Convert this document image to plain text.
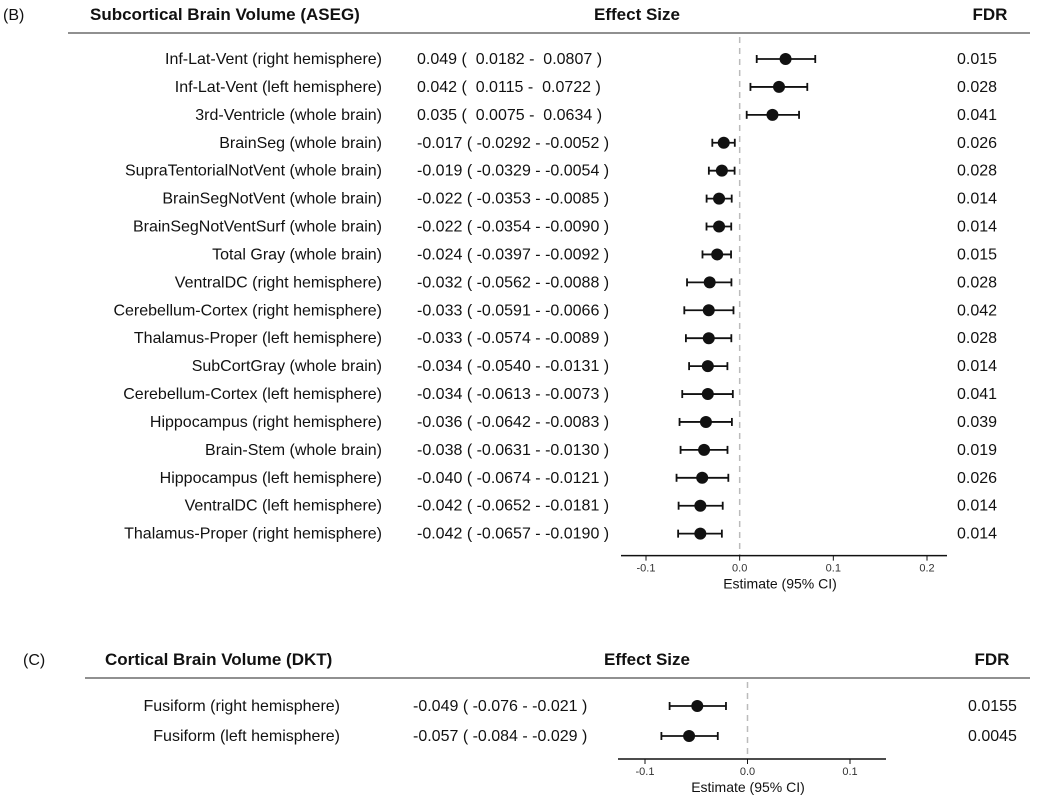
(B)	Subcortical Brain Volume (ASEG)	Effect Size	FDR
Inf-Lat-Vent (right hemisphere) 0.049 (  0.0182 -  0.0807 )	0.015
Inf-Lat-Vent (left hemisphere) 0.042 (  0.0115 -  0.0722 )	0.028
3rd-Ventricle (whole brain) 0.035 (  0.0075 -  0.0634 )	0.041
BrainSeg (whole brain) -0.017 ( -0.0292 - -0.0052 )	0.026
SupraTentorialNotVent (whole brain) -0.019 ( -0.0329 - -0.0054 )	0.028
BrainSegNotVent (whole brain) -0.022 ( -0.0353 - -0.0085 )	0.014
BrainSegNotVentSurf (whole brain) -0.022 ( -0.0354 - -0.0090 )	0.014
Total Gray (whole brain) -0.024 ( -0.0397 - -0.0092 )	0.015
VentralDC (right hemisphere) -0.032 ( -0.0562 - -0.0088 )	0.028
Cerebellum-Cortex (right hemisphere) -0.033 ( -0.0591 - -0.0066 )	0.042
Thalamus-Proper (left hemisphere) -0.033 ( -0.0574 - -0.0089 )	0.028
SubCortGray (whole brain) -0.034 ( -0.0540 - -0.0131 )	0.014
Cerebellum-Cortex (left hemisphere) -0.034 ( -0.0613 - -0.0073 )	0.041
Hippocampus (right hemisphere) -0.036 ( -0.0642 - -0.0083 )	0.039
Brain-Stem (whole brain) -0.038 ( -0.0631 - -0.0130 )	0.019
Hippocampus (left hemisphere) -0.040 ( -0.0674 - -0.0121 )	0.026
VentralDC (left hemisphere) -0.042 ( -0.0652 - -0.0181 )	0.014
Thalamus-Proper (right hemisphere) -0.042 ( -0.0657 - -0.0190 )	0.014
-0.1	0.0	0.1	0.2
Estimate (95% CI)
(C)	Cortical Brain Volume (DKT)	Effect Size	FDR
Fusiform (right hemisphere)	-0.049 ( -0.076 - -0.021 )	0.0155
Fusiform (left hemisphere)	-0.057 ( -0.084 - -0.029 )	0.0045
-0.1	0.0	0.1
Estimate (95% CI)
